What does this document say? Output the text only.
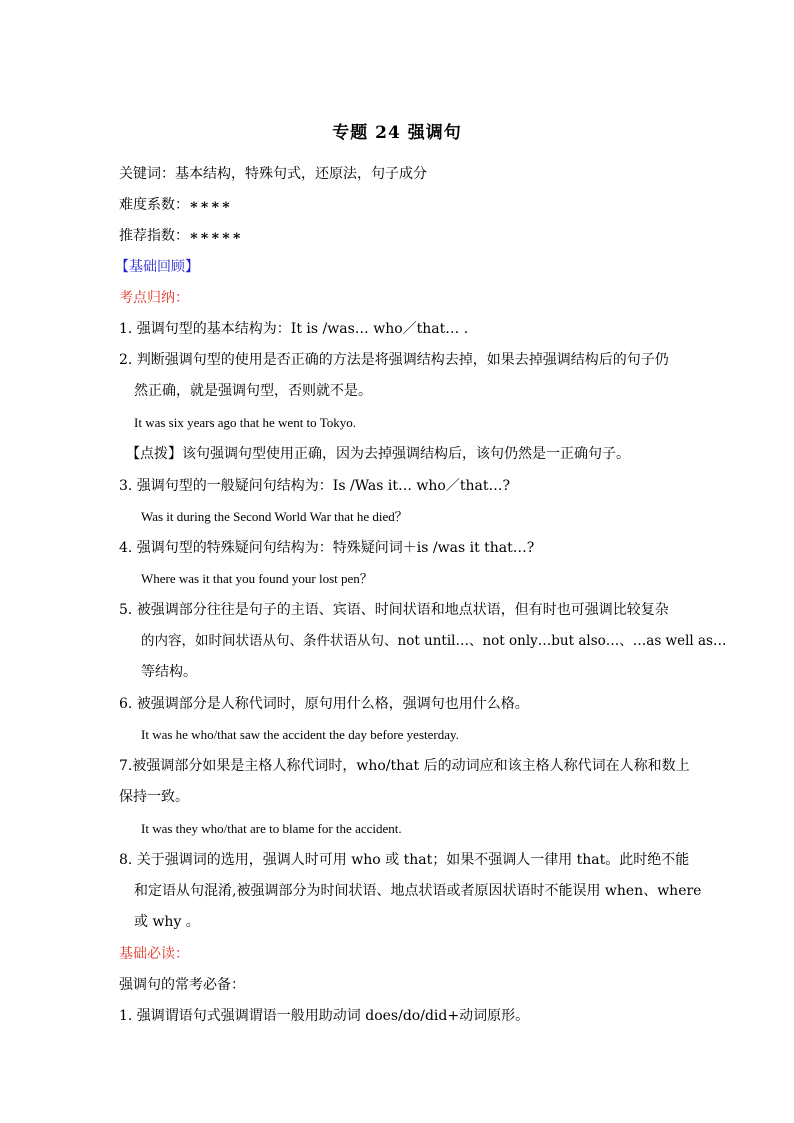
专题 24 强调句
关键词：基本结构，特殊句式，还原法，句子成分
难度系数：∗∗∗∗
推荐指数：∗∗∗∗∗
【基础回顾】
考点归纳：
1. 强调句型的基本结构为：It is /was… who／that… .
2. 判断强调句型的使用是否正确的方法是将强调结构去掉，如果去掉强调结构后的句子仍
然正确，就是强调句型，否则就不是。
It was six years ago that he went to Tokyo.
【点拨】该句强调句型使用正确，因为去掉强调结构后，该句仍然是一正确句子。
3. 强调句型的一般疑问句结构为：Is /Was it… who／that…?
Was it during the Second World War that he died？
4. 强调句型的特殊疑问句结构为：特殊疑问词＋is /was it that…?
Where was it that you found your lost pen？
5. 被强调部分往往是句子的主语、宾语、时间状语和地点状语，但有时也可强调比较复杂
的内容，如时间状语从句、条件状语从句、not until…、not only…but also…、…as well as…
等结构。
6. 被强调部分是人称代词时，原句用什么格，强调句也用什么格。
It was he who/that saw the accident the day before yesterday.
7.被强调部分如果是主格人称代词时，who/that 后的动词应和该主格人称代词在人称和数上
保持一致。
It was they who/that are to blame for the accident.
8. 关于强调词的选用，强调人时可用 who 或 that；如果不强调人一律用 that。此时绝不能
和定语从句混淆,被强调部分为时间状语、地点状语或者原因状语时不能误用 when、where
或 why 。
基础必读：
强调句的常考必备：
1. 强调谓语句式强调谓语一般用助动词 does/do/did+动词原形。
